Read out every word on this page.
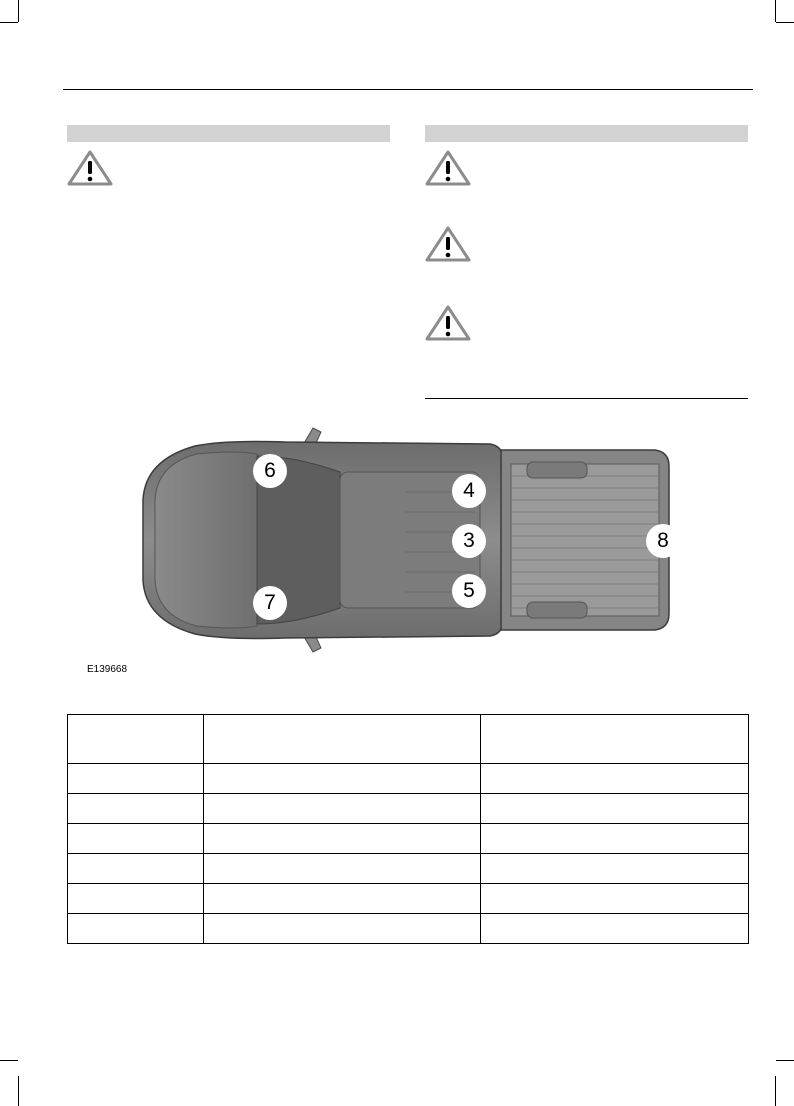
6
4
3
5
7
8
E139668
